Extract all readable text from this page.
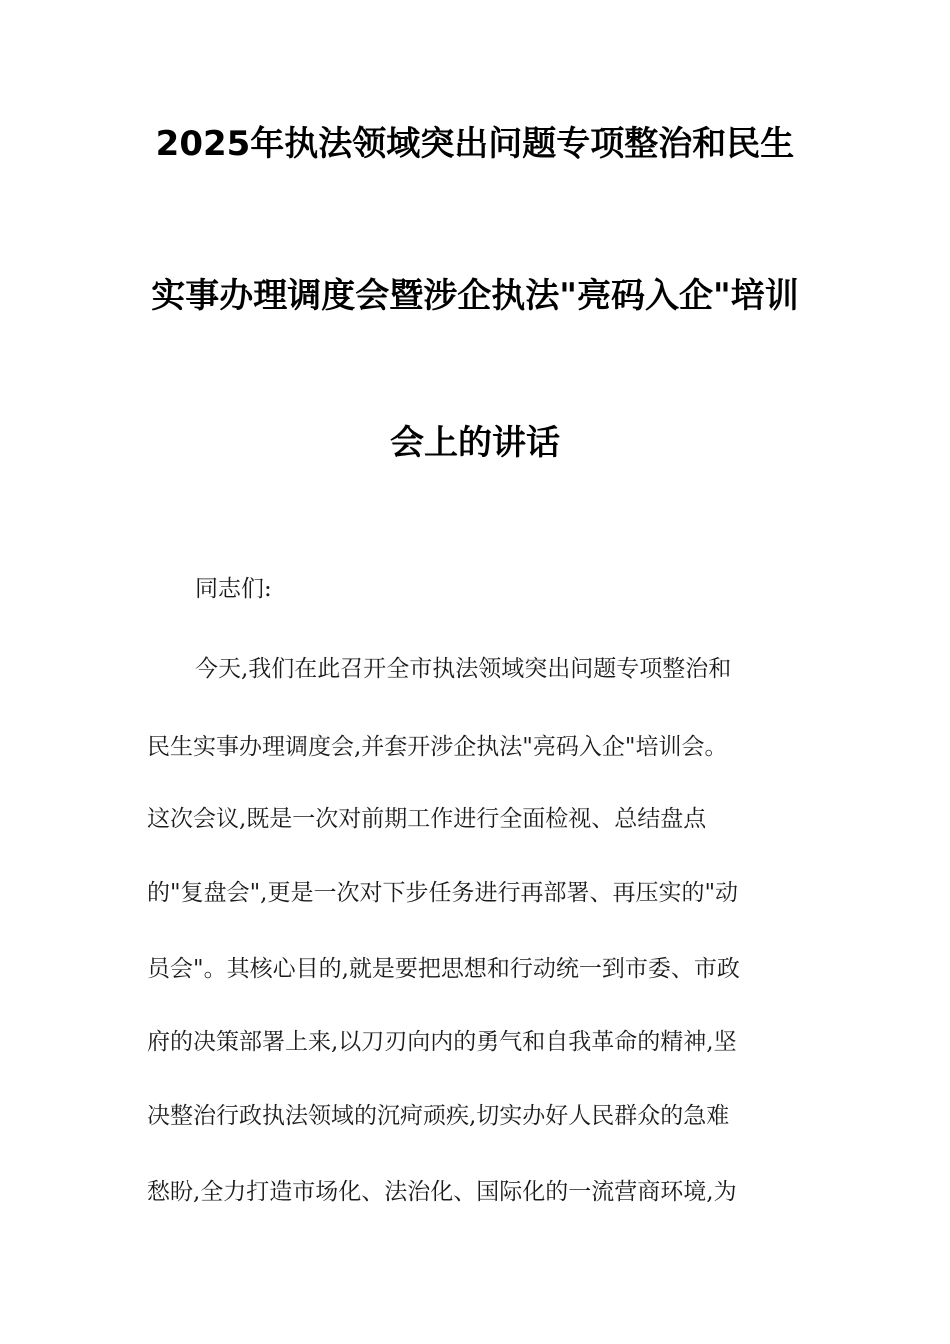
2025年执法领域突出问题专项整治和民生
实事办理调度会暨涉企执法"亮码入企"培训
会上的讲话
同志们:
今天,我们在此召开全市执法领域突出问题专项整治和
民生实事办理调度会,并套开涉企执法"亮码入企"培训会。
这次会议,既是一次对前期工作进行全面检视、总结盘点
的"复盘会",更是一次对下步任务进行再部署、再压实的"动
员会"。其核心目的,就是要把思想和行动统一到市委、市政
府的决策部署上来,以刀刃向内的勇气和自我革命的精神,坚
决整治行政执法领域的沉疴顽疾,切实办好人民群众的急难
愁盼,全力打造市场化、法治化、国际化的一流营商环境,为
